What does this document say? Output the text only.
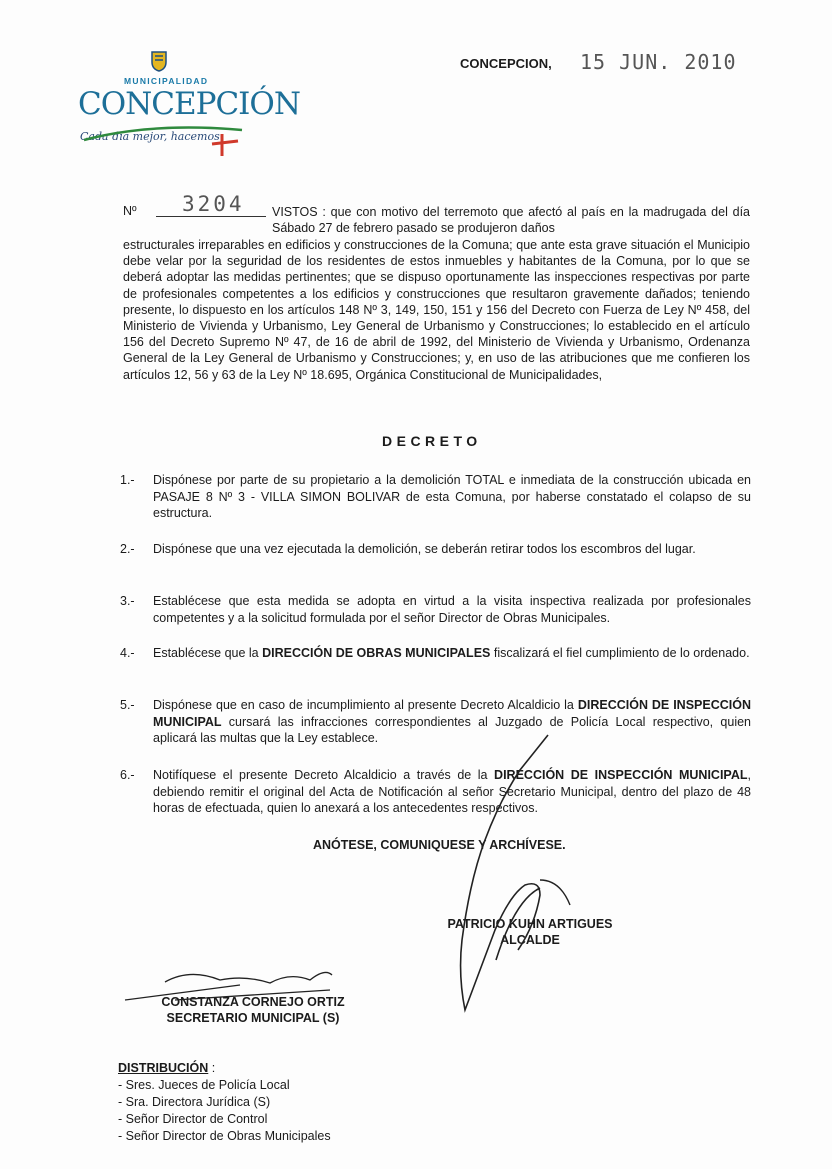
MUNICIPALIDAD
CONCEPCIÓN
Cada día mejor, hacemos
CONCEPCION, 15 JUN. 2010
Nº 3204 VISTOS : que con motivo del terremoto que afectó al país en la madrugada del día Sábado 27 de febrero pasado se produjeron daños
estructurales irreparables en edificios y construcciones de la Comuna; que ante esta grave situación el Municipio debe velar por la seguridad de los residentes de estos inmuebles y habitantes de la Comuna, por lo que se deberá adoptar las medidas pertinentes; que se dispuso oportunamente las inspecciones respectivas por parte de profesionales competentes a los edificios y construcciones que resultaron gravemente dañados; teniendo presente, lo dispuesto en los artículos 148 Nº 3, 149, 150, 151 y 156 del Decreto con Fuerza de Ley Nº 458, del Ministerio de Vivienda y Urbanismo, Ley General de Urbanismo y Construcciones; lo establecido en el artículo 156 del Decreto Supremo Nº 47, de 16 de abril de 1992, del Ministerio de Vivienda y Urbanismo, Ordenanza General de la Ley General de Urbanismo y Construcciones; y, en uso de las atribuciones que me confieren los artículos 12, 56 y 63 de la Ley Nº 18.695, Orgánica Constitucional de Municipalidades,
DECRETO
1.- Dispónese por parte de su propietario a la demolición TOTAL e inmediata de la construcción ubicada en PASAJE 8 Nº 3 - VILLA SIMON BOLIVAR de esta Comuna, por haberse constatado el colapso de su estructura.
2.- Dispónese que una vez ejecutada la demolición, se deberán retirar todos los escombros del lugar.
3.- Establécese que esta medida se adopta en virtud a la visita inspectiva realizada por profesionales competentes y a la solicitud formulada por el señor Director de Obras Municipales.
4.- Establécese que la DIRECCIÓN DE OBRAS MUNICIPALES fiscalizará el fiel cumplimiento de lo ordenado.
5.- Dispónese que en caso de incumplimiento al presente Decreto Alcaldicio la DIRECCIÓN DE INSPECCIÓN MUNICIPAL cursará las infracciones correspondientes al Juzgado de Policía Local respectivo, quien aplicará las multas que la Ley establece.
6.- Notifíquese el presente Decreto Alcaldicio a través de la DIRECCIÓN DE INSPECCIÓN MUNICIPAL, debiendo remitir el original del Acta de Notificación al señor Secretario Municipal, dentro del plazo de 48 horas de efectuada, quien lo anexará a los antecedentes respectivos.
ANÓTESE, COMUNIQUESE Y ARCHÍVESE.
PATRICIO KUHN ARTIGUES
ALCALDE
CONSTANZA CORNEJO ORTIZ
SECRETARIO MUNICIPAL (S)
DISTRIBUCIÓN :
- Sres. Jueces de Policía Local
- Sra. Directora Jurídica (S)
- Señor Director de Control
- Señor Director de Obras Municipales
